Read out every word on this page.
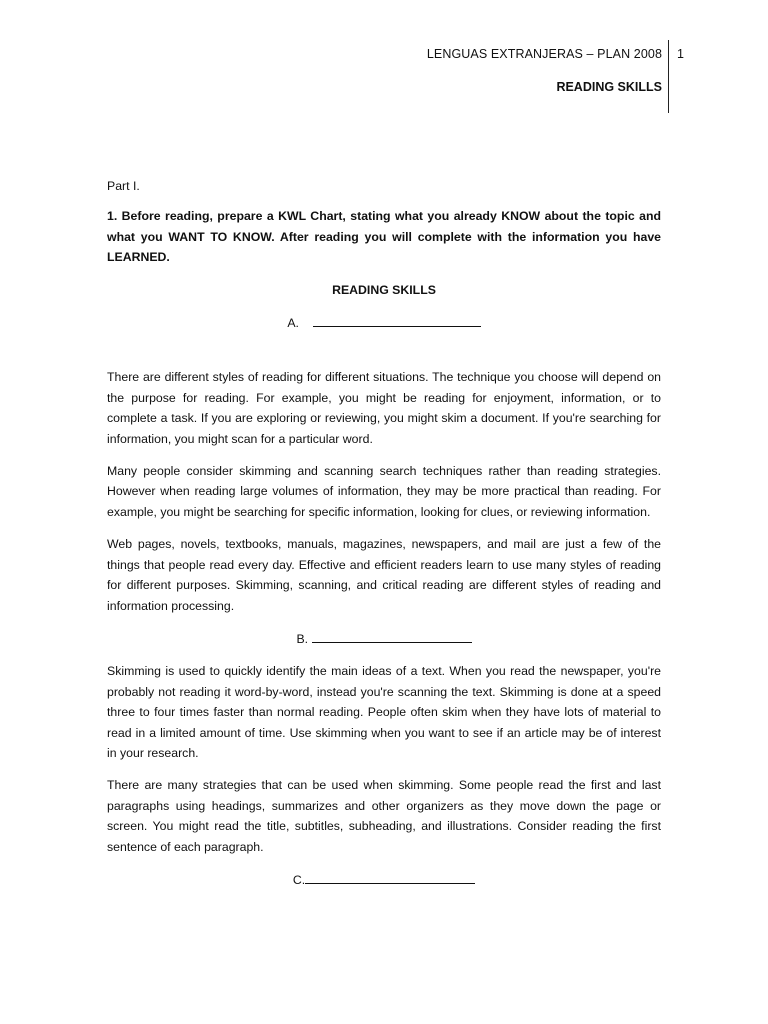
LENGUAS EXTRANJERAS – PLAN 2008 1
READING SKILLS

Part I.

1. Before reading, prepare a KWL Chart, stating what you already KNOW about the topic and what you WANT TO KNOW. After reading you will complete with the information you have LEARNED.

READING SKILLS

A.

There are different styles of reading for different situations. The technique you choose will depend on the purpose for reading. For example, you might be reading for enjoyment, information, or to complete a task. If you are exploring or reviewing, you might skim a document. If you're searching for information, you might scan for a particular word.

Many people consider skimming and scanning search techniques rather than reading strategies. However when reading large volumes of information, they may be more practical than reading. For example, you might be searching for specific information, looking for clues, or reviewing information.

Web pages, novels, textbooks, manuals, magazines, newspapers, and mail are just a few of the things that people read every day. Effective and efficient readers learn to use many styles of reading for different purposes. Skimming, scanning, and critical reading are different styles of reading and information processing.

B.

Skimming is used to quickly identify the main ideas of a text. When you read the newspaper, you're probably not reading it word-by-word, instead you're scanning the text. Skimming is done at a speed three to four times faster than normal reading. People often skim when they have lots of material to read in a limited amount of time. Use skimming when you want to see if an article may be of interest in your research.

There are many strategies that can be used when skimming. Some people read the first and last paragraphs using headings, summarizes and other organizers as they move down the page or screen. You might read the title, subtitles, subheading, and illustrations. Consider reading the first sentence of each paragraph.

C.
